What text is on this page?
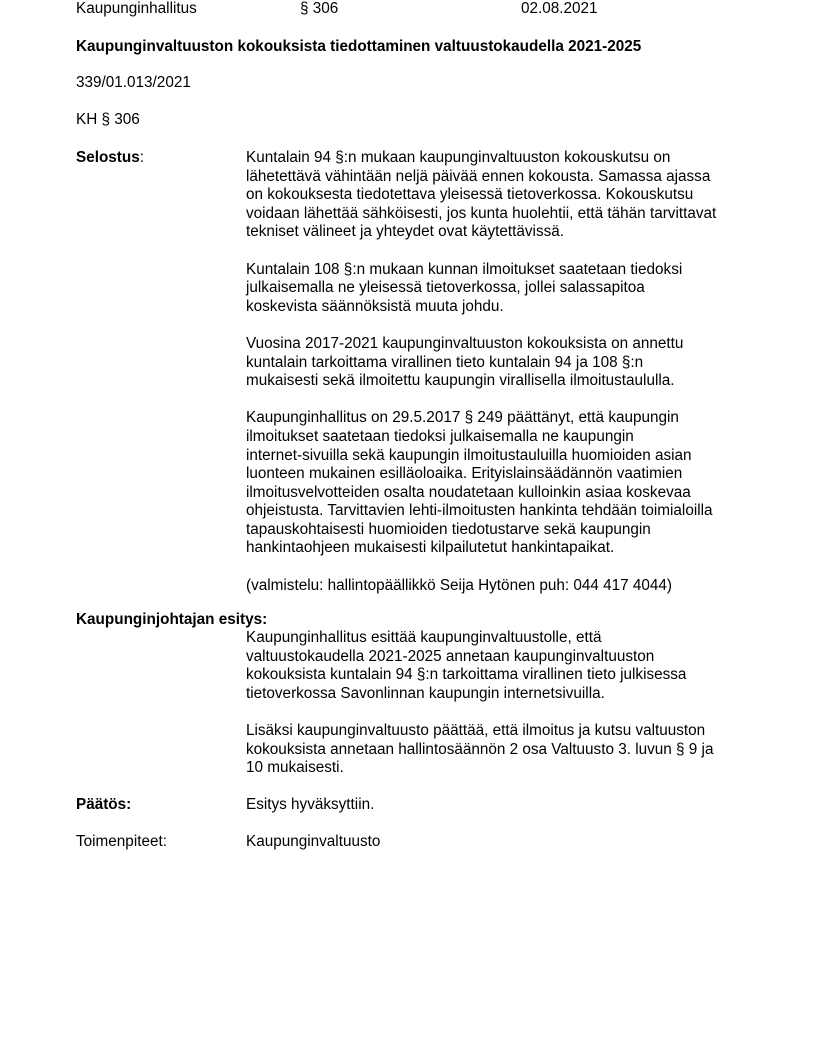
Kaupunginhallitus	§ 306	02.08.2021
Kaupunginvaltuuston kokouksista tiedottaminen valtuustokaudella 2021-2025
339/01.013/2021
KH § 306
Selostus:	Kuntalain 94 §:n mukaan kaupunginvaltuuston kokouskutsu on
lähetettävä vähintään neljä päivää ennen kokousta. Samassa ajassa
on kokouksesta tiedotettava yleisessä tietoverkossa. Kokouskutsu
voidaan lähettää sähköisesti, jos kunta huolehtii, että tähän tarvittavat
tekniset välineet ja yhteydet ovat käytettävissä.

Kuntalain 108 §:n mukaan kunnan ilmoitukset saatetaan tiedoksi
julkaisemalla ne yleisessä tietoverkossa, jollei salassapitoa
koskevista säännöksistä muuta johdu.

Vuosina 2017-2021 kaupunginvaltuuston kokouksista on annettu
kuntalain tarkoittama virallinen tieto kuntalain 94 ja 108 §:n
mukaisesti sekä ilmoitettu kaupungin virallisella ilmoitustaululla.

Kaupunginhallitus on 29.5.2017 § 249 päättänyt, että kaupungin
ilmoitukset saatetaan tiedoksi julkaisemalla ne kaupungin
internet-sivuilla sekä kaupungin ilmoitustauluilla huomioiden asian
luonteen mukainen esilläoloaika. Erityislainsäädännön vaatimien
ilmoitusvelvotteiden osalta noudatetaan kulloinkin asiaa koskevaa
ohjeistusta. Tarvittavien lehti-ilmoitusten hankinta tehdään toimialoilla
tapauskohtaisesti huomioiden tiedotustarve sekä kaupungin
hankintaohjeen mukaisesti kilpailutetut hankintapaikat.

(valmistelu: hallintopäällikkö Seija Hytönen puh: 044 417 4044)

Kaupunginjohtajan esitys:

Kaupunginhallitus esittää kaupunginvaltuustolle, että
valtuustokaudella 2021-2025 annetaan kaupunginvaltuuston
kokouksista kuntalain 94 §:n tarkoittama virallinen tieto julkisessa
tietoverkossa Savonlinnan kaupungin internetsivuilla.

Lisäksi kaupunginvaltuusto päättää, että ilmoitus ja kutsu valtuuston
kokouksista annetaan hallintosäännön 2 osa Valtuusto 3. luvun § 9 ja
10 mukaisesti.

Päätös:	Esitys hyväksyttiin.
Toimenpiteet:	Kaupunginvaltuusto
